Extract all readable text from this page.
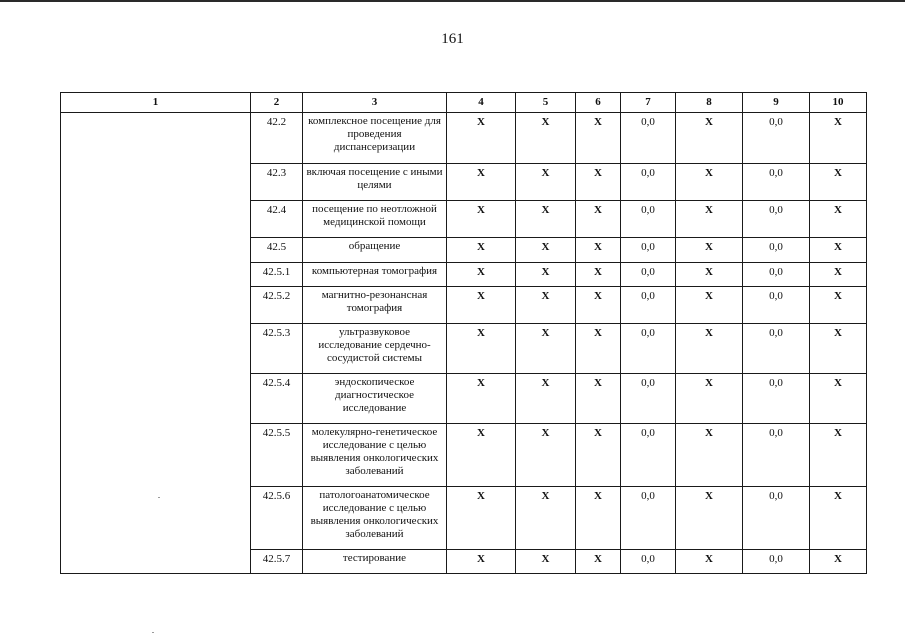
161
1	2	3	4	5	6	7	8	9	10
	42.2	комплексное посещение для проведения диспансеризации	X	X	X	0,0	X	0,0	X
	42.3	включая посещение с иными целями	X	X	X	0,0	X	0,0	X
	42.4	посещение по неотложной медицинской помощи	X	X	X	0,0	X	0,0	X
	42.5	обращение	X	X	X	0,0	X	0,0	X
	42.5.1	компьютерная томография	X	X	X	0,0	X	0,0	X
	42.5.2	магнитно-резонансная томография	X	X	X	0,0	X	0,0	X
	42.5.3	ультразвуковое исследование сердечно-сосудистой системы	X	X	X	0,0	X	0,0	X
	42.5.4	эндоскопическое диагностическое исследование	X	X	X	0,0	X	0,0	X
	42.5.5	молекулярно-генетическое исследование с целью выявления онкологических заболеваний	X	X	X	0,0	X	0,0	X
	42.5.6	патологоанатомическое исследование с целью выявления онкологических заболеваний	X	X	X	0,0	X	0,0	X
	42.5.7	тестирование	X	X	X	0,0	X	0,0	X
